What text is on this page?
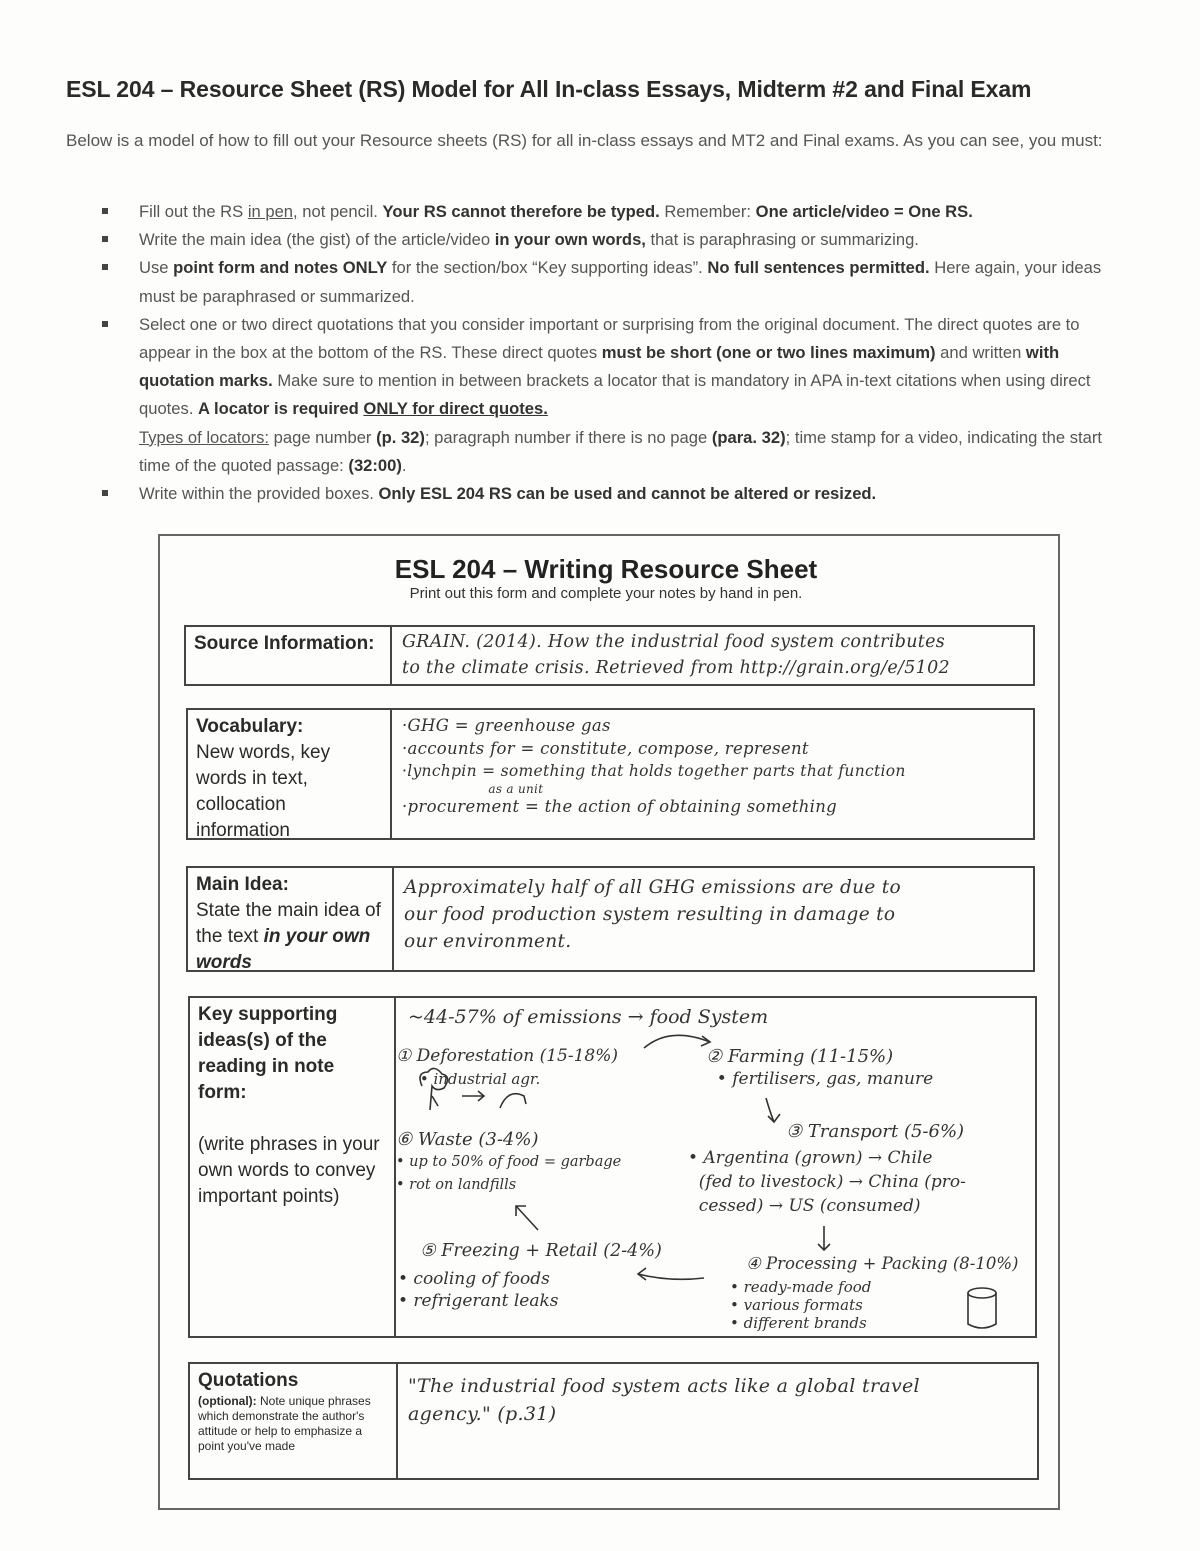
ESL 204 – Resource Sheet (RS) Model for All In-class Essays, Midterm #2 and Final Exam

Below is a model of how to fill out your Resource sheets (RS) for all in-class essays and MT2 and Final exams. As you can see, you must:

Fill out the RS in pen, not pencil. Your RS cannot therefore be typed. Remember: One article/video = One RS.
Write the main idea (the gist) of the article/video in your own words, that is paraphrasing or summarizing.
Use point form and notes ONLY for the section/box “Key supporting ideas”. No full sentences permitted. Here again, your ideas must be paraphrased or summarized.
Select one or two direct quotations that you consider important or surprising from the original document. The direct quotes are to appear in the box at the bottom of the RS. These direct quotes must be short (one or two lines maximum) and written with quotation marks. Make sure to mention in between brackets a locator that is mandatory in APA in-text citations when using direct quotes. A locator is required ONLY for direct quotes.
Types of locators: page number (p. 32); paragraph number if there is no page (para. 32); time stamp for a video, indicating the start time of the quoted passage: (32:00).
Write within the provided boxes. Only ESL 204 RS can be used and cannot be altered or resized.
ESL 204 – Writing Resource Sheet

Print out this form and complete your notes by hand in pen.

Source Information:	GRAIN. (2014). How the industrial food system contributes
to the climate crisis. Retrieved from http://grain.org/e/5102
Vocabulary:
New words, key words in text, collocation information
·GHG = greenhouse gas
·accounts for = constitute, compose, represent
·lynchpin = something that holds together parts that function
as a unit
·procurement = the action of obtaining something
Main Idea:
State the main idea of the text in your own words
Approximately half of all GHG emissions are due to
our food production system resulting in damage to
our environment.
Key supporting ideas(s) of the reading in note form:
(write phrases in your own words to convey important points)
~44-57% of emissions → food System
① Deforestation (15-18%)
• industrial agr.
② Farming (11-15%)
• fertilisers, gas, manure
③ Transport (5-6%)
⑥ Waste (3-4%)
• up to 50% of food = garbage
• rot on landfills
• Argentina (grown) → Chile
(fed to livestock) → China (pro-
cessed) → US (consumed)
⑤ Freezing + Retail (2-4%)
• cooling of foods
• refrigerant leaks
④ Processing + Packing (8-10%)
• ready-made food
• various formats
• different brands
Quotations
(optional): Note unique phrases which demonstrate the author's attitude or help to emphasize a point you've made
"The industrial food system acts like a global travel
agency." (p.31)
